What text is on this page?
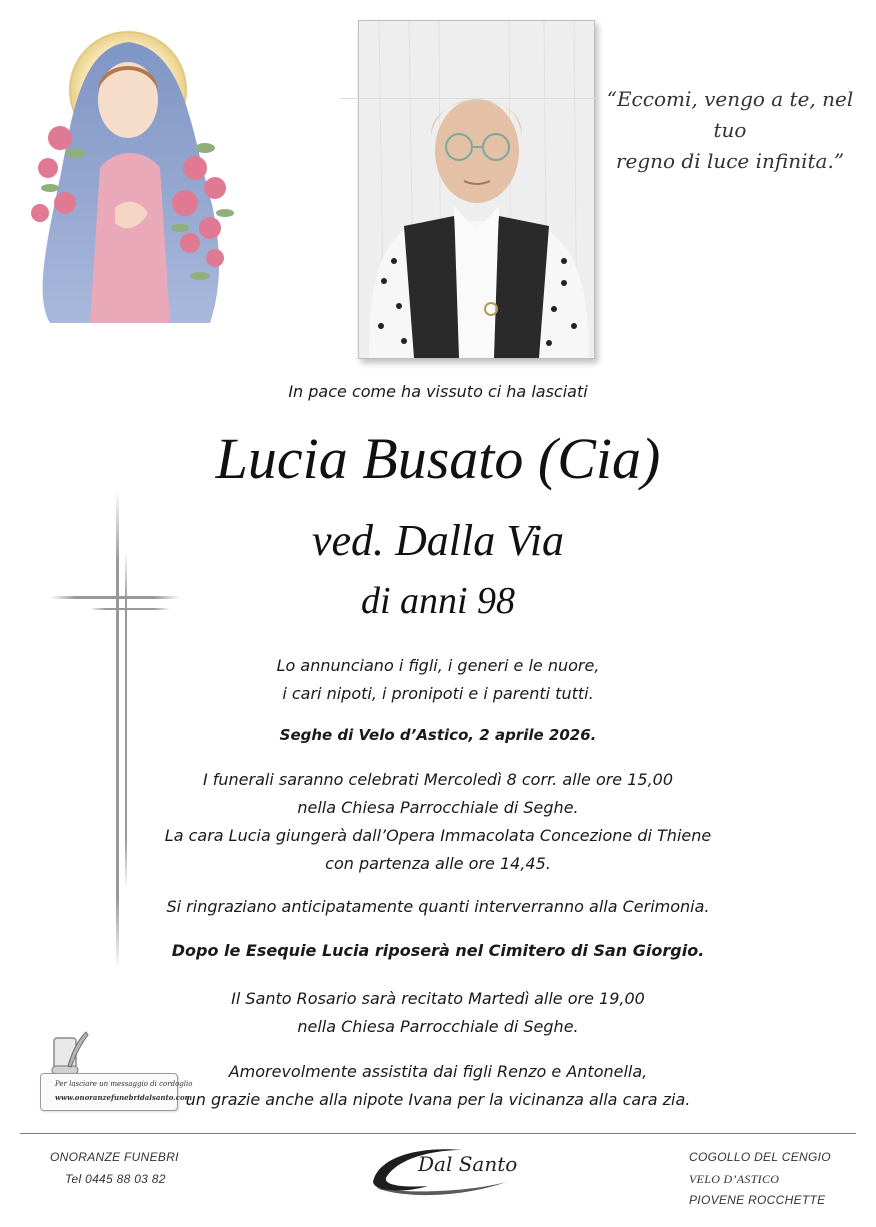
“Eccomi, vengo a te, nel tuo
regno di luce infinita.”
In pace come ha vissuto ci ha lasciati
Lucia Busato (Cia)
ved. Dalla Via
di anni 98
Lo annunciano i figli, i generi e le nuore,
i cari nipoti, i pronipoti e i parenti tutti.
Seghe di Velo d’Astico, 2 aprile 2026.
I funerali saranno celebrati Mercoledì 8 corr. alle ore 15,00
nella Chiesa Parrocchiale di Seghe.
La cara Lucia giungerà dall’Opera Immacolata Concezione di Thiene
con partenza alle ore 14,45.
Si ringraziano anticipatamente quanti interverranno alla Cerimonia.
Dopo le Esequie Lucia riposerà nel Cimitero di San Giorgio.
Il Santo Rosario sarà recitato Martedì alle ore 19,00
nella Chiesa Parrocchiale di Seghe.
Amorevolmente assistita dai figli Renzo e Antonella,
un grazie anche alla nipote Ivana per la vicinanza alla cara zia.
Per lasciare un messaggio di cordoglio
www.onoranzefunebridalsanto.com
ONORANZE FUNEBRI
Tel 0445 88 03 82
Dal Santo	COGOLLO DEL CENGIO
VELO D’ASTICO
PIOVENE ROCCHETTE
